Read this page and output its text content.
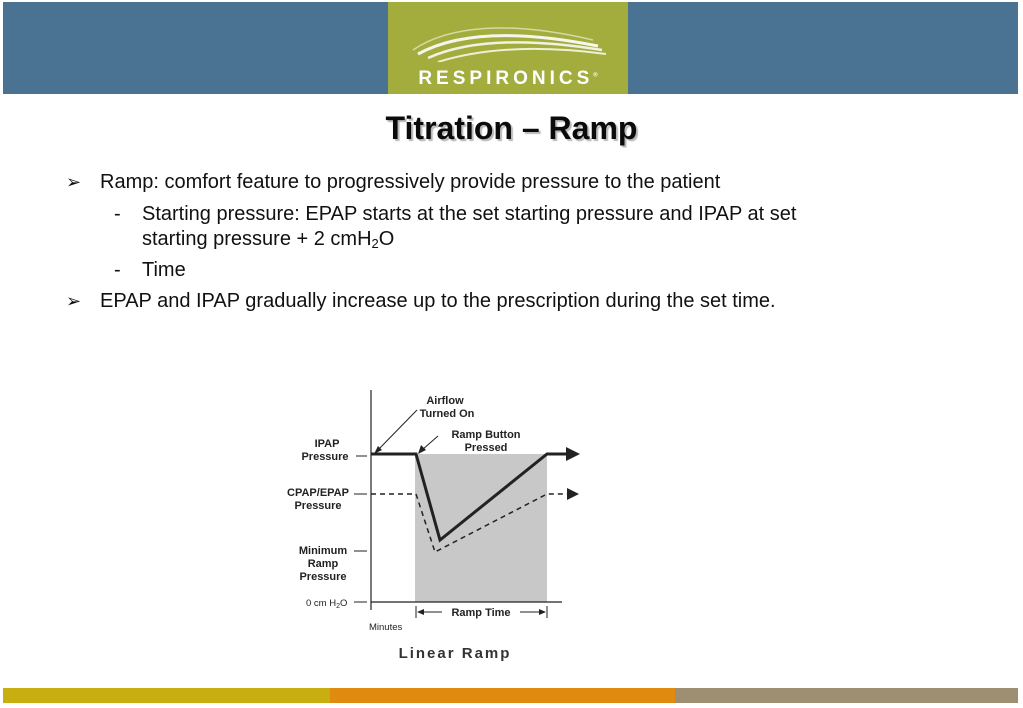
RESPIRONICS®
Titration – Ramp
➢ Ramp: comfort feature to progressively provide pressure to the patient
- Starting pressure: EPAP starts at the set starting pressure and IPAP at set
starting pressure + 2 cmH$_2$O
- Time
➢ EPAP and IPAP gradually increase up to the prescription during the set time.
Airflow
Turned On
Ramp Button
Pressed
IPAP
Pressure
CPAP/EPAP
Pressure
Minimum
Ramp
Pressure
0 cm $H_2O$
Ramp Time
Minutes
Linear Ramp
